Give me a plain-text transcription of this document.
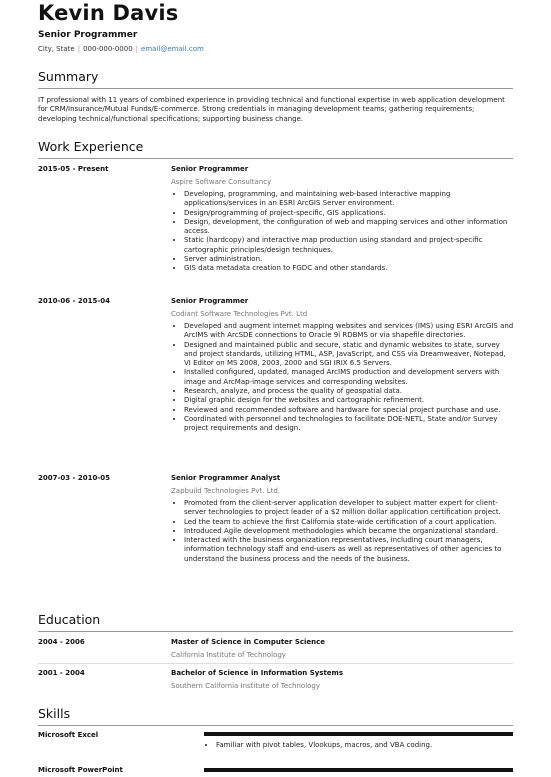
Kevin Davis
Senior Programmer
City, State | 000-000-0000 | email@email.com
Summary
IT professional with 11 years of combined experience in providing technical and functional expertise in web application development for CRM/Insurance/Mutual Funds/E-commerce. Strong credentials in managing development teams; gathering requirements; developing technical/functional specifications; supporting business change.
Work Experience
2015-05 - Present	Senior Programmer
Aspire Software Consultancy
• Developing, programming, and maintaining web-based interactive mapping applications/services in an ESRI ArcGIS Server environment.
• Design/programming of project-specific, GIS applications.
• Design, development, the configuration of web and mapping services and other information access.
• Static (hardcopy) and interactive map production using standard and project-specific cartographic principles/design techniques.
• Server administration.
• GIS data metadata creation to FGDC and other standards.
2010-06 - 2015-04	Senior Programmer
Codiant Software Technologies Pvt. Ltd
• Developed and augment internet mapping websites and services (IMS) using ESRI ArcGIS and ArcIMS with ArcSDE connections to Oracle 9i RDBMS or via shapefile directories.
• Designed and maintained public and secure, static and dynamic websites to state, survey and project standards, utilizing HTML, ASP, JavaScript, and CSS via Dreamweaver, Notepad, VI Editor on MS 2008, 2003, 2000 and SGI IRIX 6.5 Servers.
• Installed configured, updated, managed ArcIMS production and development servers with image and ArcMap-image services and corresponding websites.
• Research, analyze, and process the quality of geospatial data.
• Digital graphic design for the websites and cartographic refinement.
• Reviewed and recommended software and hardware for special project purchase and use.
• Coordinated with personnel and technologies to facilitate DOE-NETL, State and/or Survey project requirements and design.
2007-03 - 2010-05	Senior Programmer Analyst
Zapbuild Technologies Pvt. Ltd.
• Promoted from the client-server application developer to subject matter expert for client-server technologies to project leader of a $2 million dollar application certification project.
• Led the team to achieve the first California state-wide certification of a court application.
• Introduced Agile development methodologies which became the organizational standard.
• Interacted with the business organization representatives, including court managers, information technology staff and end-users as well as representatives of other agencies to understand the business process and the needs of the business.
Education
2004 - 2006	Master of Science in Computer Science
California Institute of Technology
2001 - 2004	Bachelor of Science in Information Systems
Southern California Institute of Technology
Skills
Microsoft Excel
• Familiar with pivot tables, Vlookups, macros, and VBA coding.
Microsoft PowerPoint
